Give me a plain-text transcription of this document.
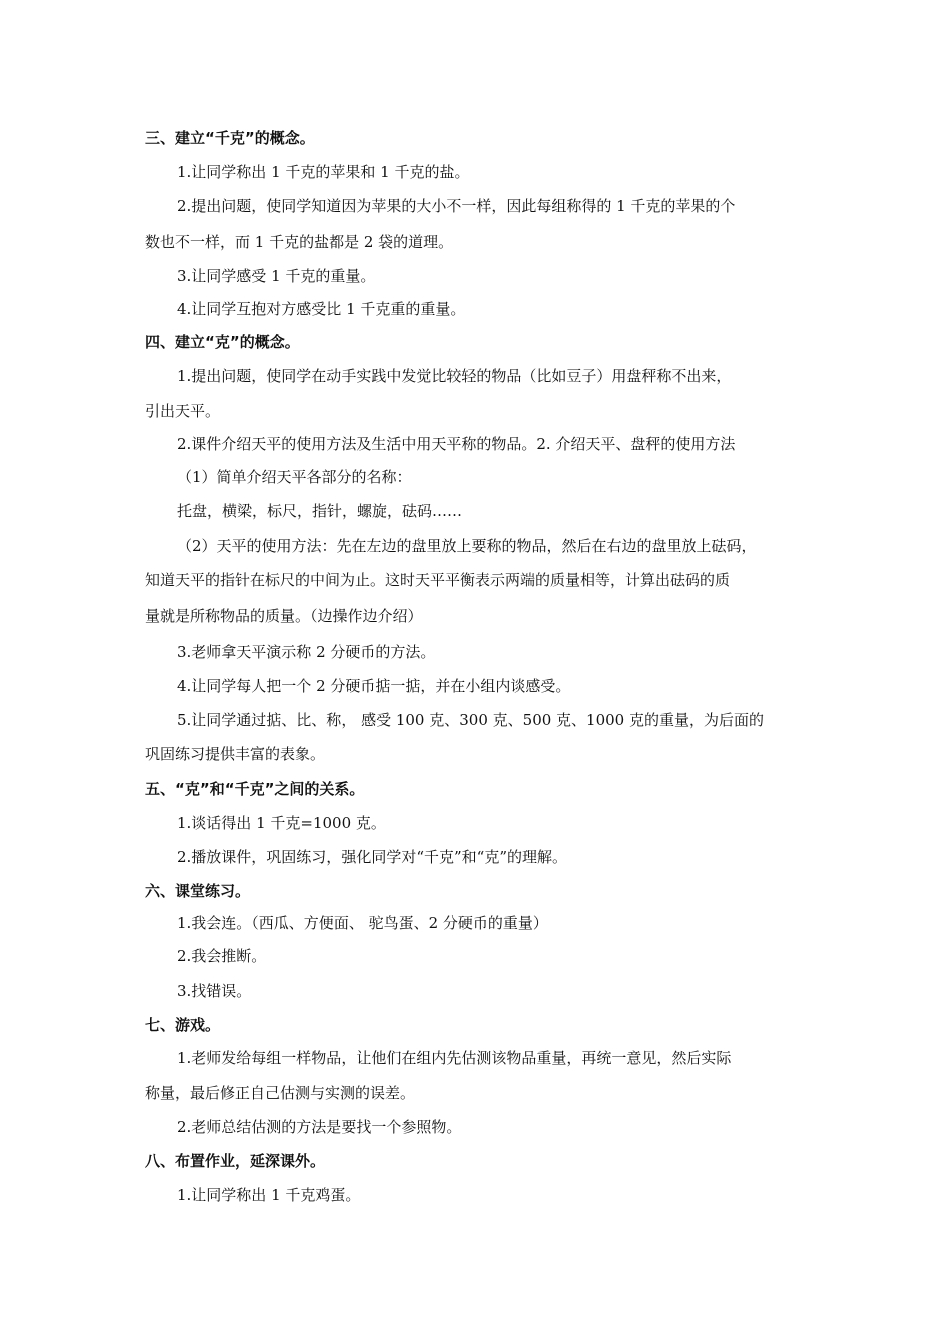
三、建立“千克”的概念。
1.让同学称出 1 千克的苹果和 1 千克的盐。
2.提出问题，使同学知道因为苹果的大小不一样，因此每组称得的 1 千克的苹果的个
数也不一样，而 1 千克的盐都是 2 袋的道理。
3.让同学感受 1 千克的重量。
4.让同学互抱对方感受比 1 千克重的重量。
四、建立“克”的概念。
1.提出问题，使同学在动手实践中发觉比较轻的物品（比如豆子）用盘秤称不出来，
引出天平。
2.课件介绍天平的使用方法及生活中用天平称的物品。2. 介绍天平、盘秤的使用方法
（1）简单介绍天平各部分的名称：
托盘，横梁，标尺，指针，螺旋，砝码……
（2）天平的使用方法：先在左边的盘里放上要称的物品，然后在右边的盘里放上砝码，
知道天平的指针在标尺的中间为止。这时天平平衡表示两端的质量相等，计算出砝码的质
量就是所称物品的质量。（边操作边介绍）
3.老师拿天平演示称 2 分硬币的方法。
4.让同学每人把一个 2 分硬币掂一掂，并在小组内谈感受。
5.让同学通过掂、比、称， 感受 100 克、300 克、500 克、1000 克的重量，为后面的
巩固练习提供丰富的表象。
五、“克”和“千克”之间的关系。
1.谈话得出 1 千克=1000 克。
2.播放课件，巩固练习，强化同学对“千克”和“克”的理解。
六、课堂练习。
1.我会连。（西瓜、方便面、 驼鸟蛋、2 分硬币的重量）
2.我会推断。
3.找错误。
七、游戏。
1.老师发给每组一样物品，让他们在组内先估测该物品重量，再统一意见，然后实际
称量，最后修正自己估测与实测的误差。
2.老师总结估测的方法是要找一个参照物。
八、布置作业，延深课外。
1.让同学称出 1 千克鸡蛋。
